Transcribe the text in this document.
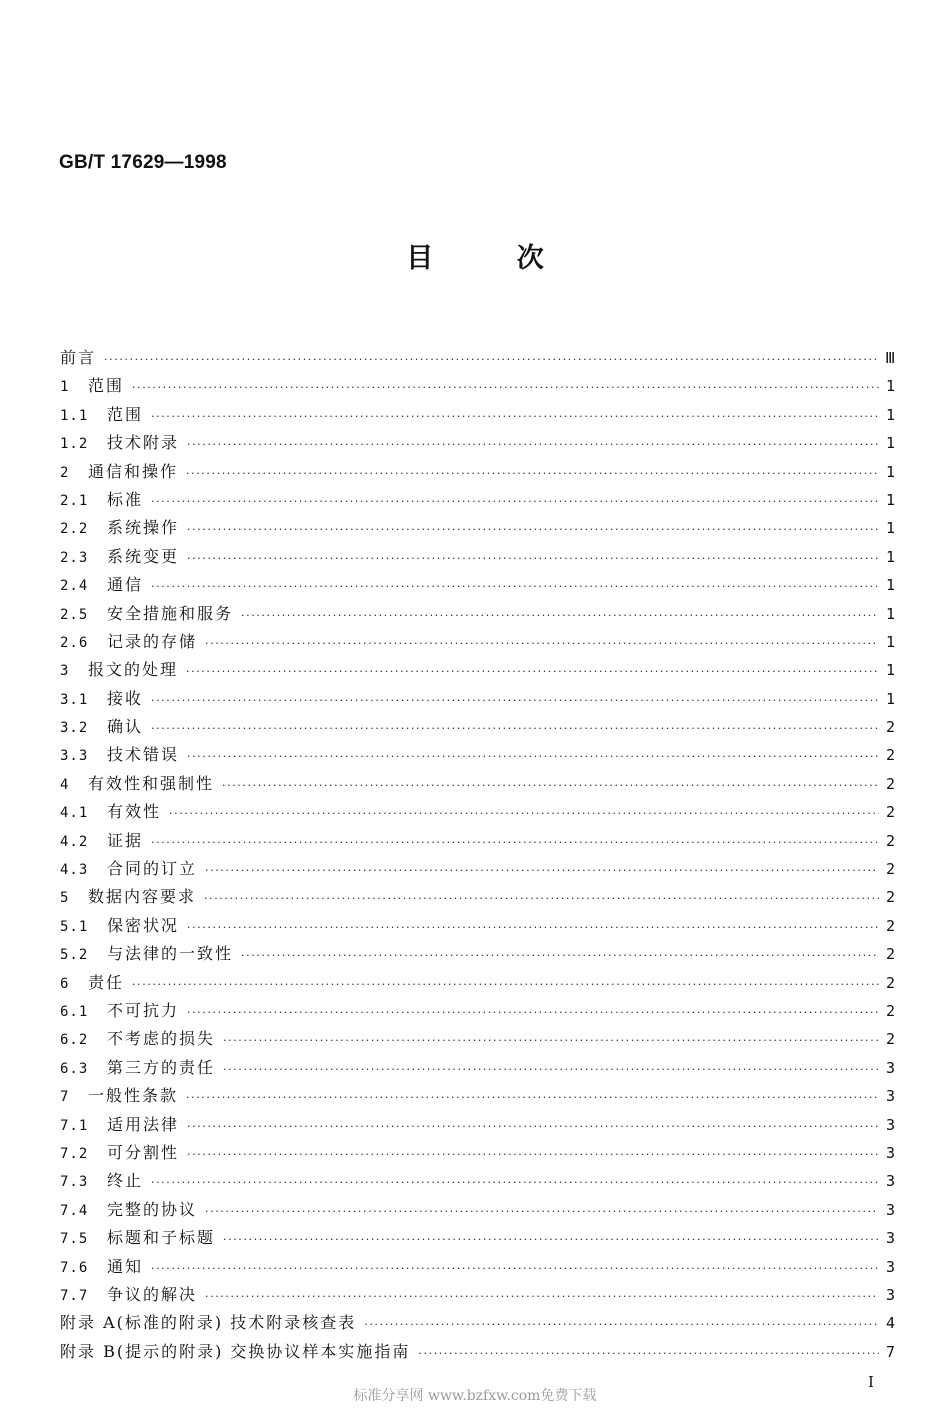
GB/T 17629—1998
目 次
前言 ·····	Ⅲ
1	范围 ·····	1
1.1	范围 ·····	1
1.2	技术附录 ·····	1
2	通信和操作 ·····	1
2.1	标准 ·····	1
2.2	系统操作 ·····	1
2.3	系统变更 ·····	1
2.4	通信 ·····	1
2.5	安全措施和服务 ·····	1
2.6	记录的存储 ·····	1
3	报文的处理 ·····	1
3.1	接收 ·····	1
3.2	确认 ·····	2
3.3	技术错误 ·····	2
4	有效性和强制性 ·····	2
4.1	有效性 ·····	2
4.2	证据 ·····	2
4.3	合同的订立 ·····	2
5	数据内容要求 ·····	2
5.1	保密状况 ·····	2
5.2	与法律的一致性 ·····	2
6	责任 ·····	2
6.1	不可抗力 ·····	2
6.2	不考虑的损失 ·····	2
6.3	第三方的责任 ·····	3
7	一般性条款 ·····	3
7.1	适用法律 ·····	3
7.2	可分割性 ·····	3
7.3	终止 ·····	3
7.4	完整的协议 ·····	3
7.5	标题和子标题 ·····	3
7.6	通知 ·····	3
7.7	争议的解决 ·····	3
附录 A(标准的附录) 技术附录核查表 ·····	4
附录 B(提示的附录) 交换协议样本实施指南 ·····	7
I
标准分享网 www.bzfxw.com免费下载
